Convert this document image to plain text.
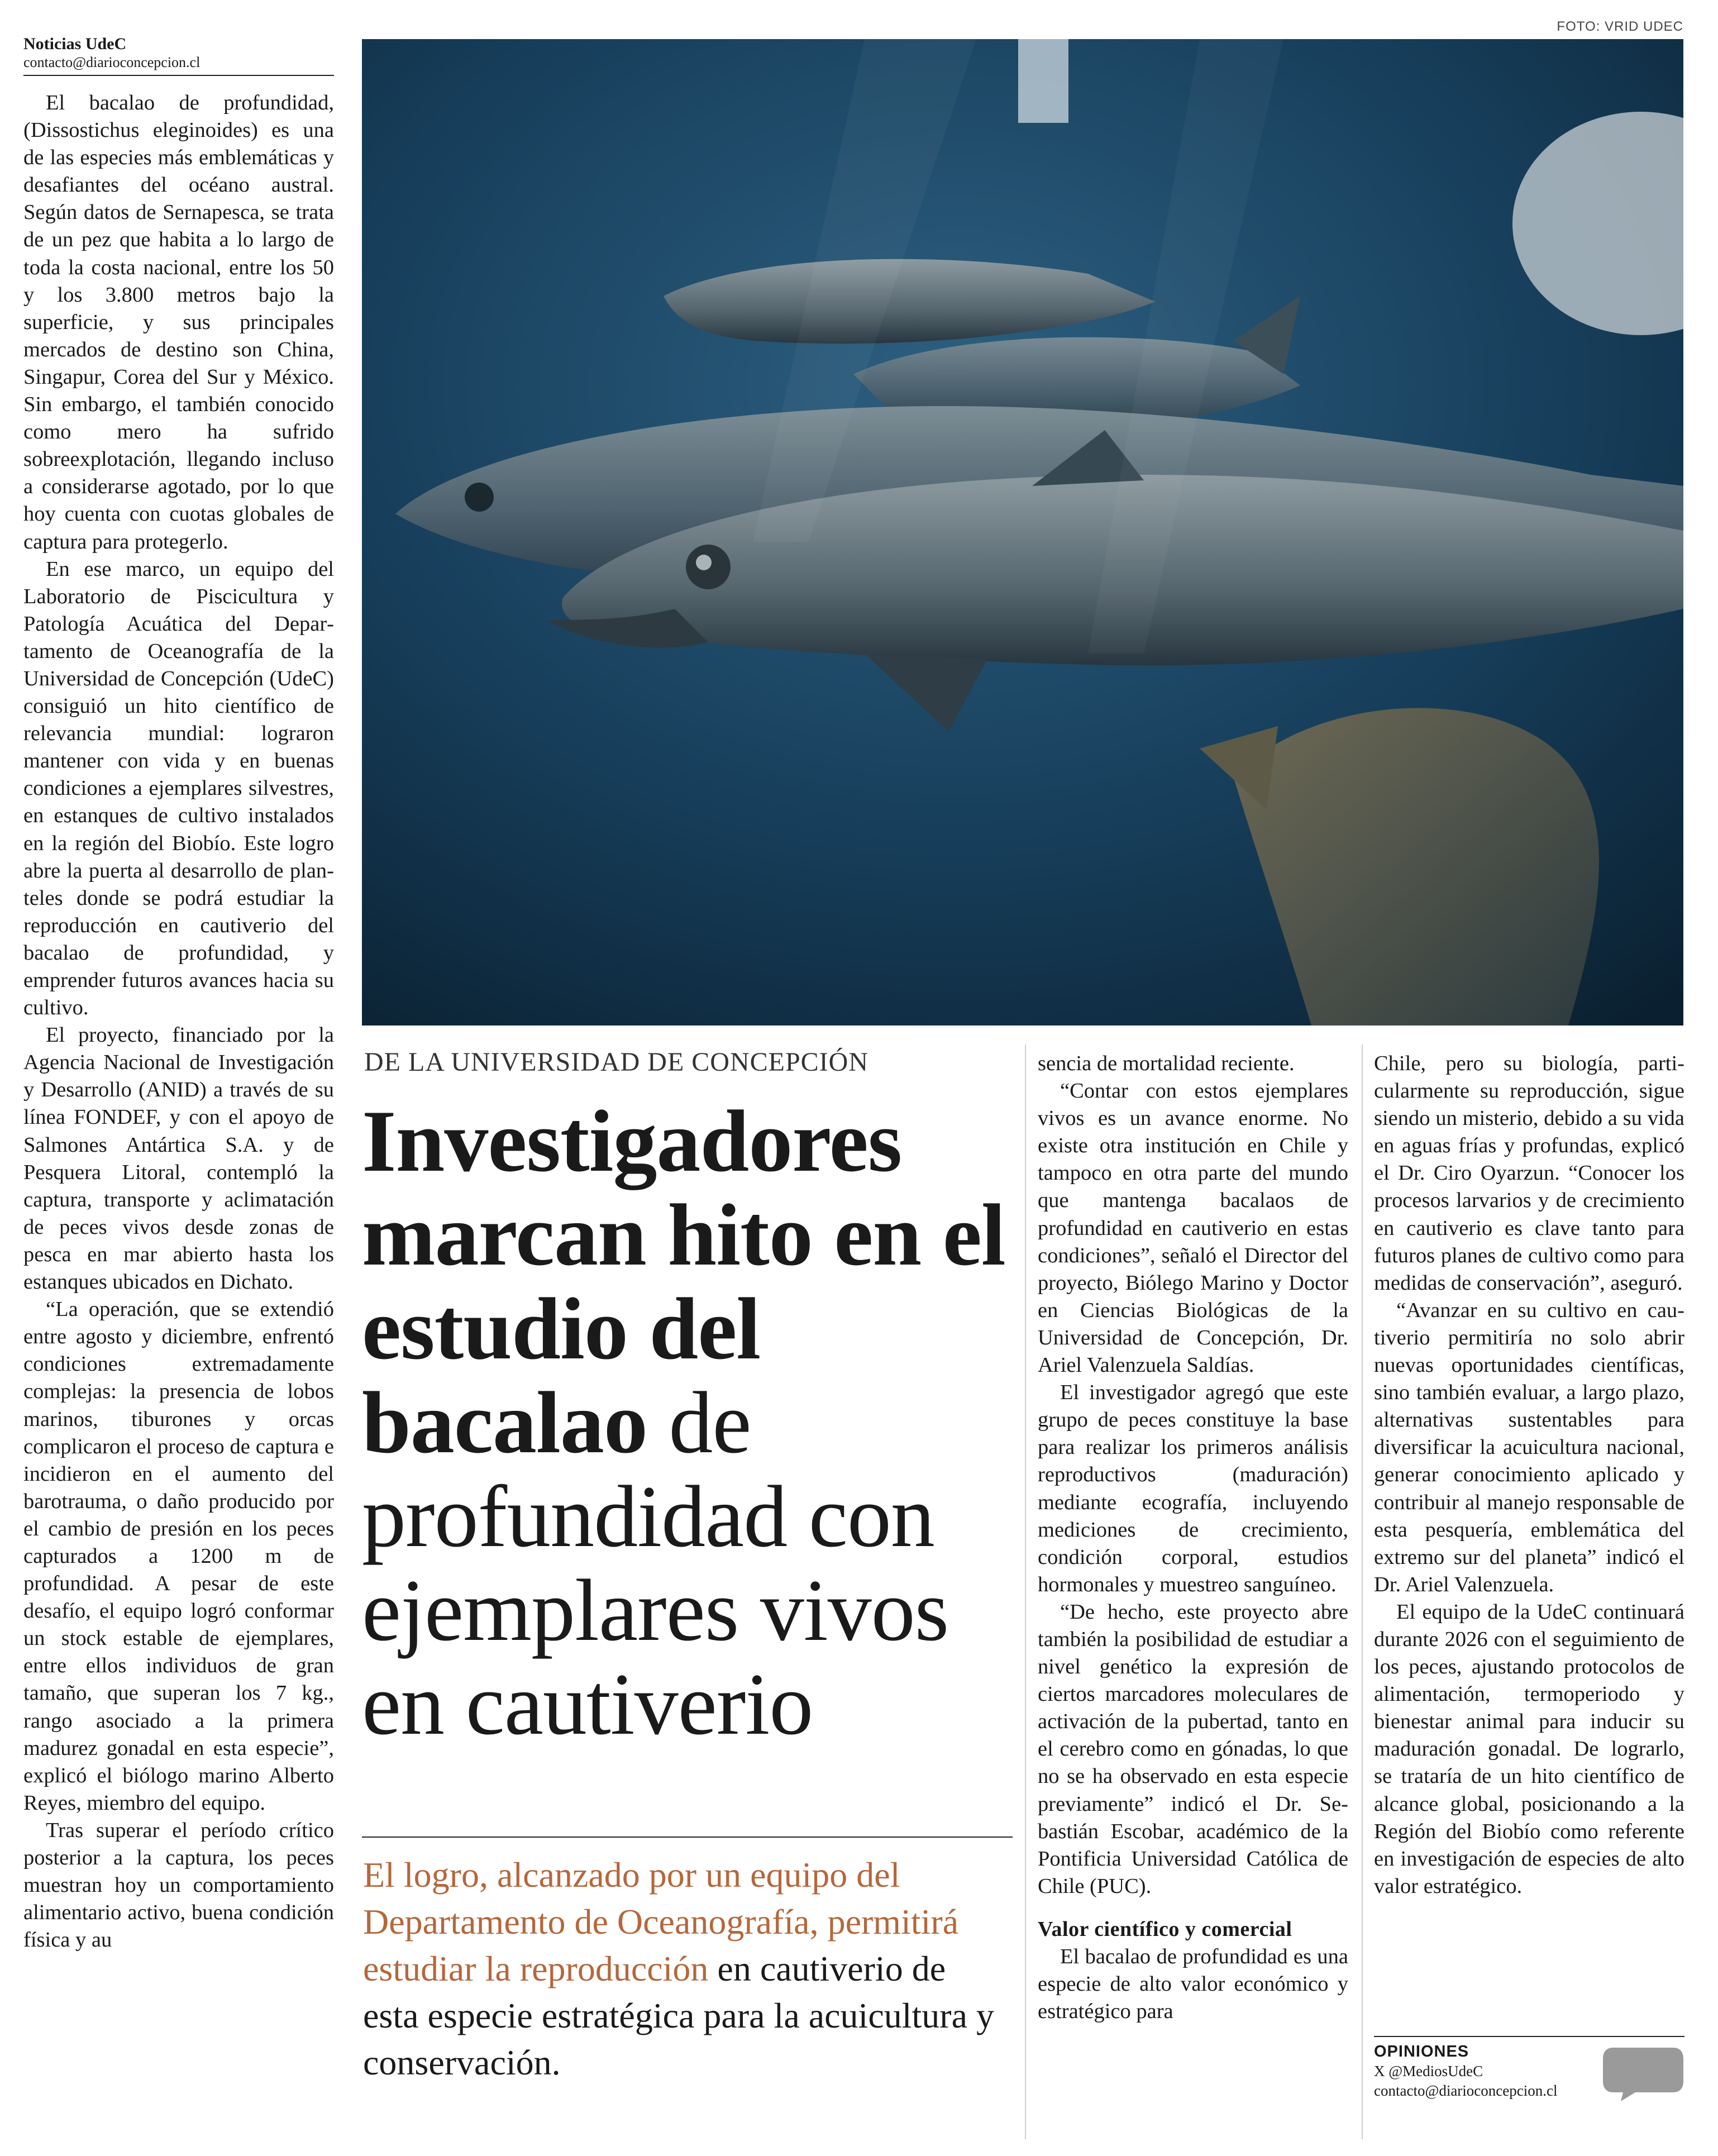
Noticias UdeC
contacto@diarioconcepcion.cl

El bacalao de profundidad, (Dissostichus eleginoides) es una de las especies más emblemáticas y desafiantes del océano austral. Según datos de Sernapesca, se trata de un pez que habita a lo largo de toda la costa nacional, entre los 50 y los 3.800 metros bajo la superficie, y sus principales mercados de destino son China, Singapur, Corea del Sur y México. Sin embargo, el también conocido como mero ha sufrido sobreexplotación, llegando incluso a considerarse agotado, por lo que hoy cuenta con cuotas globales de captura para protegerlo.

En ese marco, un equipo del Laboratorio de Piscicultura y Patología Acuática del Departamento de Oceanografía de la Universidad de Concepción (UdeC) consiguió un hito científico de relevancia mundial: lograron mantener con vida y en buenas condiciones a ejemplares silvestres, en estanques de cultivo instalados en la región del Biobío. Este logro abre la puerta al desarrollo de planteles donde se podrá estudiar la reproducción en cautiverio del bacalao de profundidad, y emprender futuros avances hacia su cultivo.

El proyecto, financiado por la Agencia Nacional de Investigación y Desarrollo (ANID) a través de su línea FONDEF, y con el apoyo de Salmones Antártica S.A. y de Pesquera Litoral, contempló la captura, transporte y aclimatación de peces vivos desde zonas de pesca en mar abierto hasta los estanques ubicados en Dichato.

“La operación, que se extendió entre agosto y diciembre, enfrentó condiciones extremadamente complejas: la presencia de lobos marinos, tiburones y orcas complicaron el proceso de captura e incidieron en el aumento del barotrauma, o daño producido por el cambio de presión en los peces capturados a 1200 m de profundidad. A pesar de este desafío, el equipo logró conformar un stock estable de ejemplares, entre ellos individuos de gran tamaño, que superan los 7 kg., rango asociado a la primera madurez gonadal en esta especie”, explicó el biólogo marino Alberto Reyes, miembro del equipo.

Tras superar el período crítico posterior a la captura, los peces muestran hoy un comportamiento alimentario activo, buena condición física y au

FOTO: VRID UDEC
DE LA UNIVERSIDAD DE CONCEPCIÓN
Investigadores marcan hito en el estudio del bacalao de profundidad con ejemplares vivos en cautiverio

El logro, alcanzado por un equipo del Departamento de Oceanografía, permitirá estudiar la reproducción en cautiverio de esta especie estratégica para la acuicultura y conservación.

sencia de mortalidad reciente.

“Contar con estos ejemplares vivos es un avance enorme. No existe otra institución en Chile y tampoco en otra parte del mundo que mantenga bacalaos de profundidad en cautiverio en estas condiciones”, señaló el Director del proyecto, Biólego Marino y Doctor en Ciencias Biológicas de la Universidad de Concepción, Dr. Ariel Valenzuela Saldías.

El investigador agregó que este grupo de peces constituye la base para realizar los primeros análisis reproductivos (maduración) mediante ecografía, incluyendo mediciones de crecimiento, condición corporal, estudios hormonales y muestreo sanguíneo.

“De hecho, este proyecto abre también la posibilidad de estudiar a nivel genético la expresión de ciertos marcadores moleculares de activación de la pubertad, tanto en el cerebro como en gónadas, lo que no se ha observado en esta especie previamente” indicó el Dr. Sebastián Escobar, académico de la Pontificia Universidad Católica de Chile (PUC).

Valor científico y comercial

El bacalao de profundidad es una especie de alto valor económico y estratégico para

Chile, pero su biología, particularmente su reproducción, sigue siendo un misterio, debido a su vida en aguas frías y profundas, explicó el Dr. Ciro Oyarzun. “Conocer los procesos larvarios y de crecimiento en cautiverio es clave tanto para futuros planes de cultivo como para medidas de conservación”, aseguró.

“Avanzar en su cultivo en cautiverio permitiría no solo abrir nuevas oportunidades científicas, sino también evaluar, a largo plazo, alternativas sustentables para diversificar la acuicultura nacional, generar conocimiento aplicado y contribuir al manejo responsable de esta pesquería, emblemática del extremo sur del planeta” indicó el Dr. Ariel Valenzuela.

El equipo de la UdeC continuará durante 2026 con el seguimiento de los peces, ajustando protocolos de alimentación, termoperiodo y bienestar animal para inducir su maduración gonadal. De lograrlo, se trataría de un hito científico de alcance global, posicionando a la Región del Biobío como referente en investigación de especies de alto valor estratégico.

OPINIONES
X @MediosUdeC
contacto@diarioconcepcion.cl
